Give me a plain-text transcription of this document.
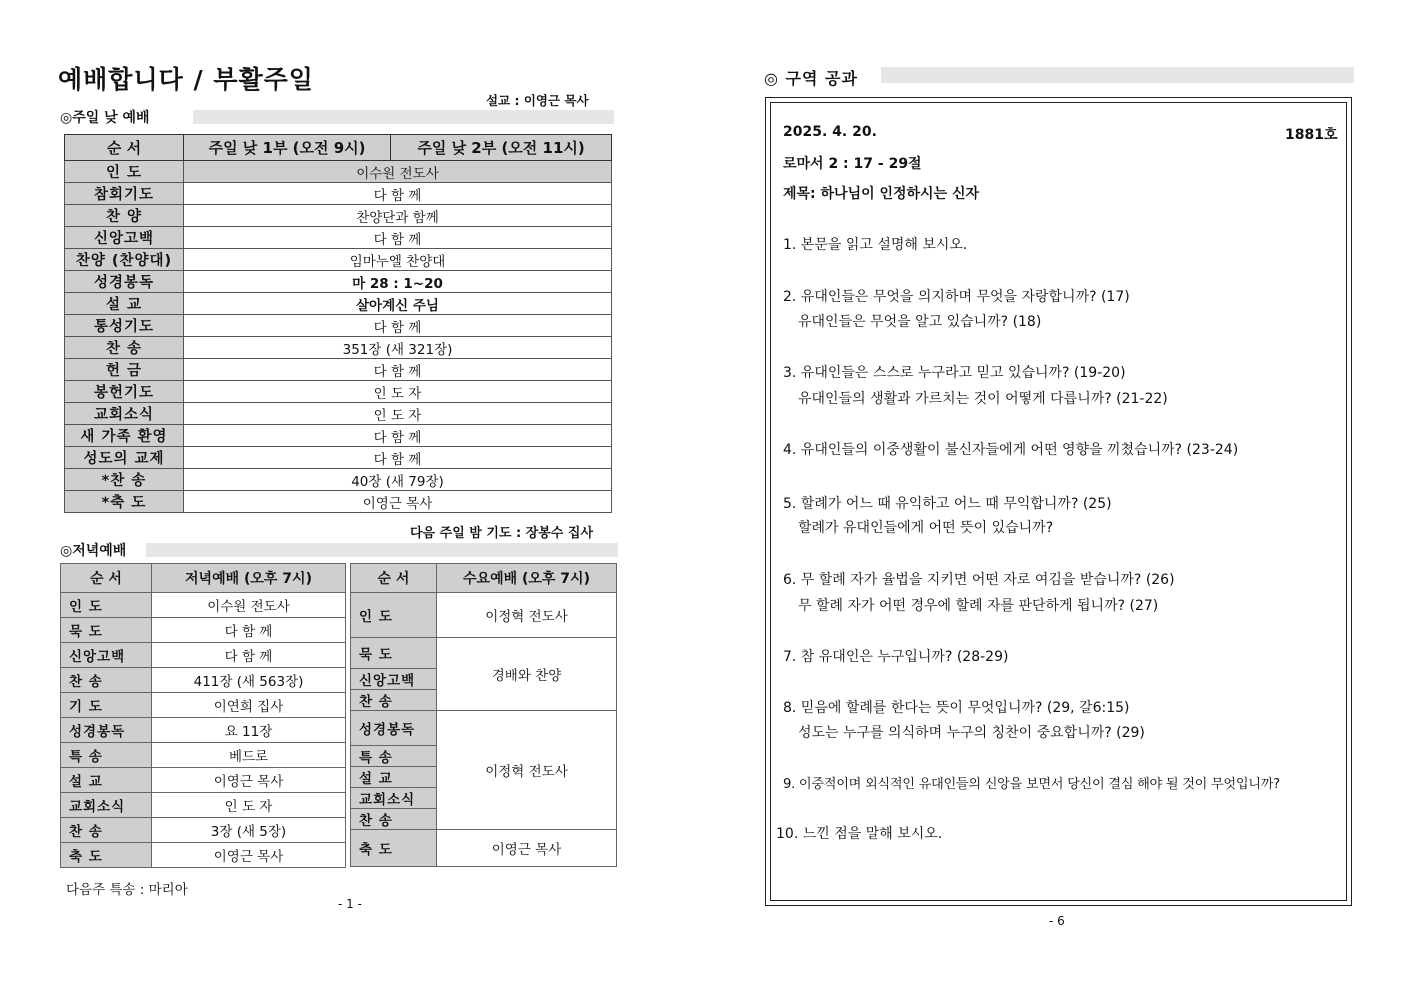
예배합니다 / 부활주일
설교 : 이영근 목사
◎주일 낮 예배
순 서	주일 낮 1부 (오전 9시)	주일 낮 2부 (오전 11시)
인 도	이수원 전도사	
참회기도	다 함 께	
찬 양	찬양단과 함께	
신앙고백	다 함 께	
찬양 (찬양대)	임마누엘 찬양대	
성경봉독	마 28 : 1~20	
설 교	살아계신 주님	
통성기도	다 함 께	
찬 송	351장 (새 321장)	
헌 금	다 함 께	
봉헌기도	인 도 자	
교회소식	인 도 자	
새 가족 환영	다 함 께	
성도의 교제	다 함 께	
*찬 송	40장 (새 79장)	
*축 도	이영근 목사	
다음 주일 밤 기도 : 장봉수 집사
◎저녁예배
순 서	저녁예배 (오후 7시)
인 도	이수원 전도사
묵 도	다 함 께
신앙고백	다 함 께
찬 송	411장 (새 563장)
기 도	이연희 집사
성경봉독	요 11장
특 송	베드로
설 교	이영근 목사
교회소식	인 도 자
찬 송	3장 (새 5장)
축 도	이영근 목사
순 서	수요예배 (오후 7시)
인 도	이정혁 전도사
묵 도	경배와 찬양
신앙고백	
찬 송	
성경봉독	이정혁 전도사
특 송	
설 교	
교회소식	
찬 송	
축 도	이영근 목사
다음주 특송 : 마리아
- 1 -
◎ 구역 공과
2025. 4. 20.	1881호
로마서 2 : 17 - 29절
제목: 하나님이 인정하시는 신자
1. 본문을 읽고 설명해 보시오.
2. 유대인들은 무엇을 의지하며 무엇을 자랑합니까? (17)
유대인들은 무엇을 알고 있습니까? (18)
3. 유대인들은 스스로 누구라고 믿고 있습니까? (19-20)
유대인들의 생활과 가르치는 것이 어떻게 다릅니까? (21-22)
4. 유대인들의 이중생활이 불신자들에게 어떤 영향을 끼쳤습니까? (23-24)
5. 할례가 어느 때 유익하고 어느 때 무익합니까? (25)
할례가 유대인들에게 어떤 뜻이 있습니까?
6. 무 할례 자가 율법을 지키면 어떤 자로 여김을 받습니까? (26)
무 할례 자가 어떤 경우에 할례 자를 판단하게 됩니까? (27)
7. 참 유대인은 누구입니까? (28-29)
8. 믿음에 할례를 한다는 뜻이 무엇입니까? (29, 갈6:15)
성도는 누구를 의식하며 누구의 칭찬이 중요합니까? (29)
9. 이중적이며 외식적인 유대인들의 신앙을 보면서 당신이 결심 해야 될 것이 무엇입니까?
10. 느낀 점을 말해 보시오.
- 6
